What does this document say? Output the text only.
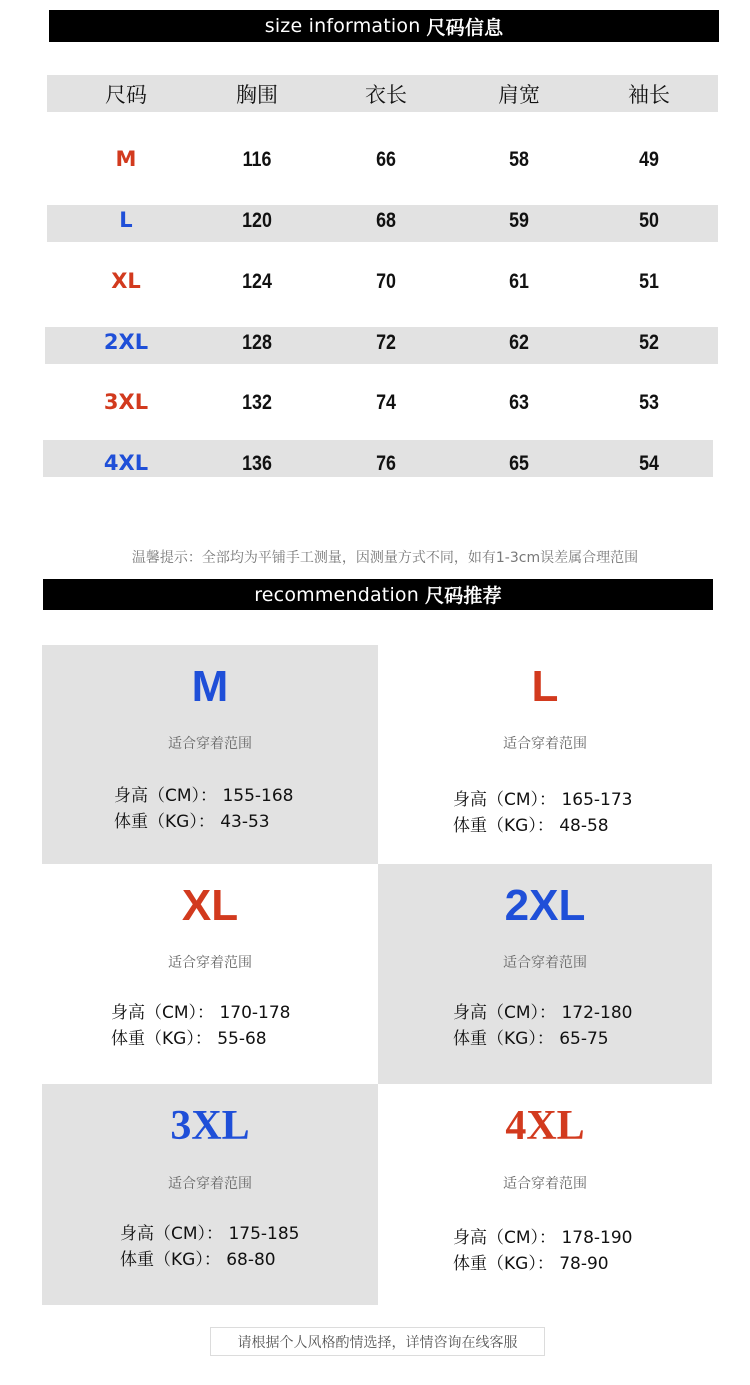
size information 尺码信息
尺码	胸围	衣长	肩宽	袖长
M	116	66	58	49
L	120	68	59	50
XL	124	70	61	51
2XL	128	72	62	52
3XL	132	74	63	53
4XL	136	76	65	54
温馨提示：全部均为平铺手工测量，因测量方式不同，如有1-3cm误差属合理范围
recommendation 尺码推荐
M
适合穿着范围
身高（CM）： 155-168
体重（KG）： 43-53
L
适合穿着范围
身高（CM）： 165-173
体重（KG）： 48-58
XL
适合穿着范围
身高（CM）： 170-178
体重（KG）： 55-68
2XL
适合穿着范围
身高（CM）： 172-180
体重（KG）： 65-75
3XL
适合穿着范围
身高（CM）： 175-185
体重（KG）： 68-80
4XL
适合穿着范围
身高（CM）： 178-190
体重（KG）： 78-90
请根据个人风格酌情选择，详情咨询在线客服
